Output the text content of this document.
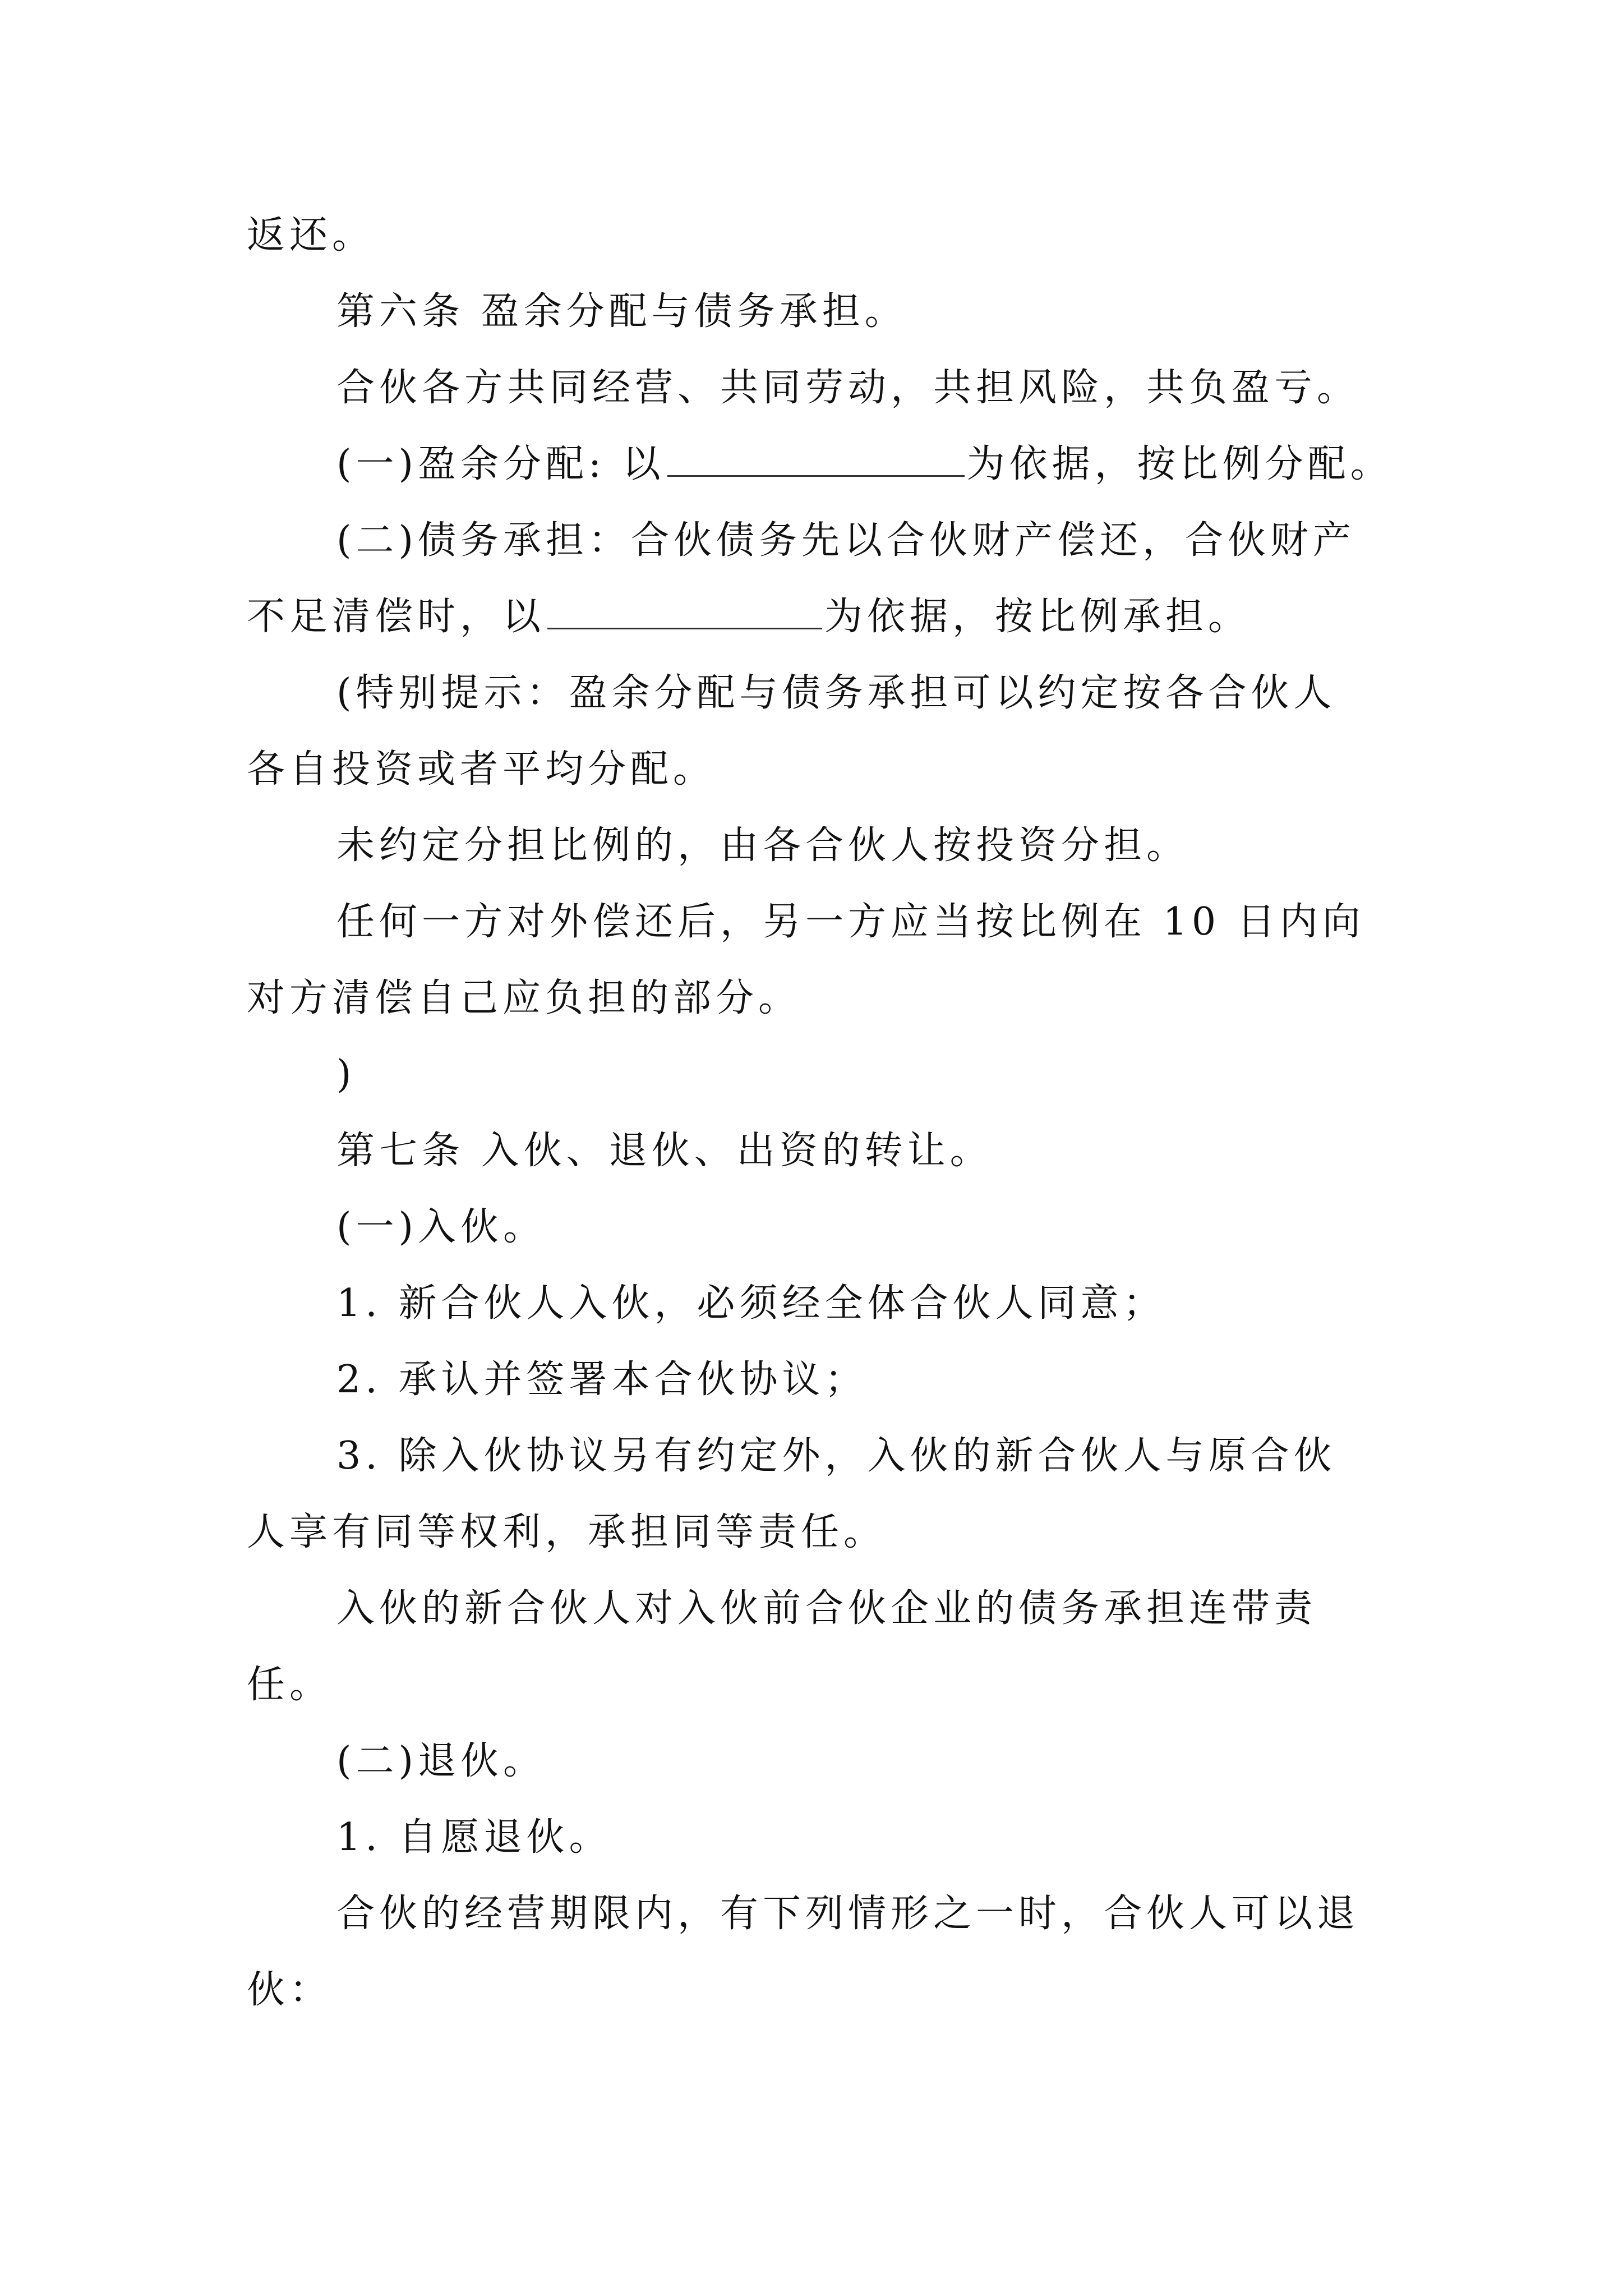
返还。
第六条 盈余分配与债务承担。
合伙各方共同经营、共同劳动，共担风险，共负盈亏。
(一)盈余分配: 以	为依据，按比例分配。
(二)债务承担：合伙债务先以合伙财产偿还，合伙财产
不足清偿时，以	为依据，按比例承担。
(特别提示：盈余分配与债务承担可以约定按各合伙人
各自投资或者平均分配。
未约定分担比例的，由各合伙人按投资分担。
任何一方对外偿还后，另一方应当按比例在 10 日内向
对方清偿自己应负担的部分。
)
第七条 入伙、退伙、出资的转让。
(一)入伙。
1. 新合伙人入伙，必须经全体合伙人同意；
2. 承认并签署本合伙协议；
3. 除入伙协议另有约定外，入伙的新合伙人与原合伙
人享有同等权利，承担同等责任。
入伙的新合伙人对入伙前合伙企业的债务承担连带责
任。
(二)退伙。
1. 自愿退伙。
合伙的经营期限内，有下列情形之一时，合伙人可以退
伙：
